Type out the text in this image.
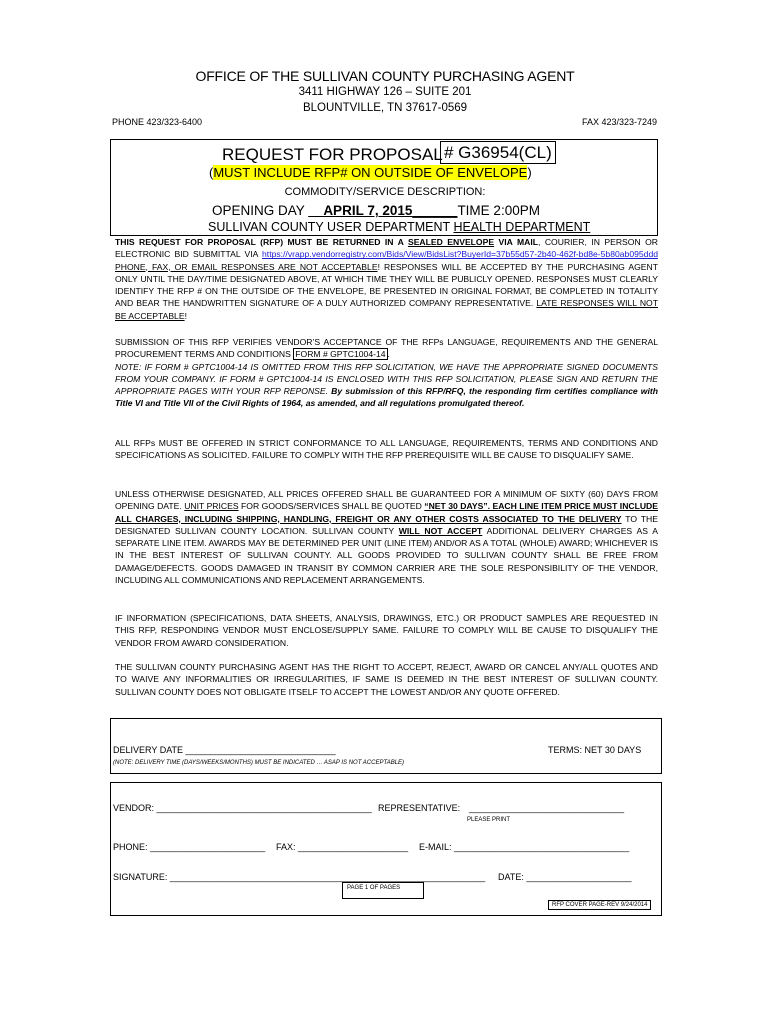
OFFICE OF THE SULLIVAN COUNTY PURCHASING AGENT
3411 HIGHWAY 126 – SUITE 201
BLOUNTVILLE, TN 37617-0569
PHONE 423/323-6400	FAX 423/323-7249
REQUEST FOR PROPOSAL # G36954(CL)
(MUST INCLUDE RFP# ON OUTSIDE OF ENVELOPE)
COMMODITY/SERVICE DESCRIPTION:
OPENING DAY __APRIL 7, 2015______TIME 2:00PM
SULLIVAN COUNTY USER DEPARTMENT HEALTH DEPARTMENT
THIS REQUEST FOR PROPOSAL (RFP) MUST BE RETURNED IN A SEALED ENVELOPE VIA MAIL, COURIER, IN PERSON OR ELECTRONIC BID SUBMITTAL VIA https://vrapp.vendorregistry.com/Bids/View/BidsList?BuyerId=37b55d57-2b40-462f-bd8e-5b80ab095ddd PHONE, FAX, OR EMAIL RESPONSES ARE NOT ACCEPTABLE! RESPONSES WILL BE ACCEPTED BY THE PURCHASING AGENT ONLY UNTIL THE DAY/TIME DESIGNATED ABOVE, AT WHICH TIME THEY WILL BE PUBLICLY OPENED. RESPONSES MUST CLEARLY IDENTIFY THE RFP # ON THE OUTSIDE OF THE ENVELOPE, BE PRESENTED IN ORIGINAL FORMAT, BE COMPLETED IN TOTALITY AND BEAR THE HANDWRITTEN SIGNATURE OF A DULY AUTHORIZED COMPANY REPRESENTATIVE. LATE RESPONSES WILL NOT BE ACCEPTABLE!
SUBMISSION OF THIS RFP VERIFIES VENDOR’S ACCEPTANCE OF THE RFPs LANGUAGE, REQUIREMENTS AND THE GENERAL PROCUREMENT TERMS AND CONDITIONS FORM # GPTC1004-14 .
NOTE: IF FORM # GPTC1004-14 IS OMITTED FROM THIS RFP SOLICITATION, WE HAVE THE APPROPRIATE SIGNED DOCUMENTS FROM YOUR COMPANY. IF FORM # GPTC1004-14 IS ENCLOSED WITH THIS RFP SOLICITATION, PLEASE SIGN AND RETURN THE APPROPRIATE PAGES WITH YOUR RFP REPONSE. By submission of this RFP/RFQ, the responding firm certifies compliance with Title VI and Title VII of the Civil Rights of 1964, as amended, and all regulations promulgated thereof.
ALL RFPs MUST BE OFFERED IN STRICT CONFORMANCE TO ALL LANGUAGE, REQUIREMENTS, TERMS AND CONDITIONS AND SPECIFICATIONS AS SOLICITED. FAILURE TO COMPLY WITH THE RFP PREREQUISITE WILL BE CAUSE TO DISQUALIFY SAME.
UNLESS OTHERWISE DESIGNATED, ALL PRICES OFFERED SHALL BE GUARANTEED FOR A MINIMUM OF SIXTY (60) DAYS FROM OPENING DATE. UNIT PRICES FOR GOODS/SERVICES SHALL BE QUOTED “NET 30 DAYS”. EACH LINE ITEM PRICE MUST INCLUDE ALL CHARGES, INCLUDING SHIPPING, HANDLING, FREIGHT OR ANY OTHER COSTS ASSOCIATED TO THE DELIVERY TO THE DESIGNATED SULLIVAN COUNTY LOCATION. SULLIVAN COUNTY WILL NOT ACCEPT ADDITIONAL DELIVERY CHARGES AS A SEPARATE LINE ITEM. AWARDS MAY BE DETERMINED PER UNIT (LINE ITEM) AND/OR AS A TOTAL (WHOLE) AWARD; WHICHEVER IS IN THE BEST INTEREST OF SULLIVAN COUNTY. ALL GOODS PROVIDED TO SULLIVAN COUNTY SHALL BE FREE FROM DAMAGE/DEFECTS. GOODS DAMAGED IN TRANSIT BY COMMON CARRIER ARE THE SOLE RESPONSIBILITY OF THE VENDOR, INCLUDING ALL COMMUNICATIONS AND REPLACEMENT ARRANGEMENTS.
IF INFORMATION (SPECIFICATIONS, DATA SHEETS, ANALYSIS, DRAWINGS, ETC.) OR PRODUCT SAMPLES ARE REQUESTED IN THIS RFP, RESPONDING VENDOR MUST ENCLOSE/SUPPLY SAME. FAILURE TO COMPLY WILL BE CAUSE TO DISQUALIFY THE VENDOR FROM AWARD CONSIDERATION.
THE SULLIVAN COUNTY PURCHASING AGENT HAS THE RIGHT TO ACCEPT, REJECT, AWARD OR CANCEL ANY/ALL QUOTES AND TO WAIVE ANY INFORMALITIES OR IRREGULARITIES, IF SAME IS DEEMED IN THE BEST INTEREST OF SULLIVAN COUNTY. SULLIVAN COUNTY DOES NOT OBLIGATE ITSELF TO ACCEPT THE LOWEST AND/OR ANY QUOTE OFFERED.
DELIVERY DATE ______________________________
(NOTE: DELIVERY TIME (DAYS/WEEKS/MONTHS) MUST BE INDICATED … ASAP IS NOT ACCEPTABLE)
TERMS: NET 30 DAYS
VENDOR: ___________________________________________ REPRESENTATIVE: _______________________________
PLEASE PRINT
PHONE: _______________________ FAX: ______________________ E-MAIL: ___________________________________
SIGNATURE: _______________________________________________________________ DATE: _____________________
PAGE 1 OF PAGES
RFP COVER PAGE-REV 9/24/2014
